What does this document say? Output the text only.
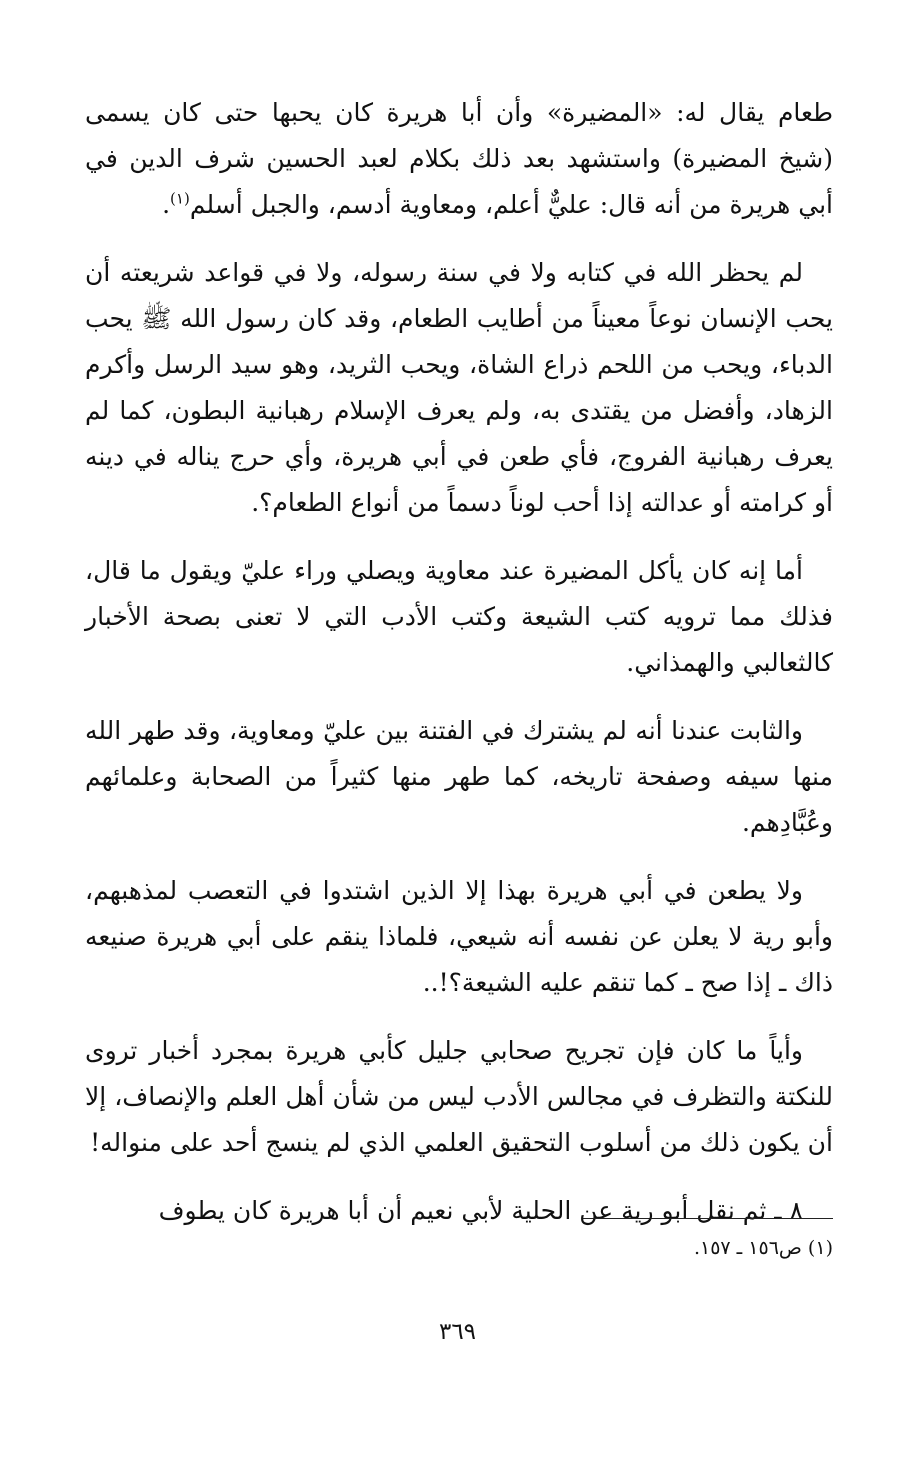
طعام يقال له: «المضيرة» وأن أبا هريرة كان يحبها حتى كان يسمى (شيخ المضيرة) واستشهد بعد ذلك بكلام لعبد الحسين شرف الدين في أبي هريرة من أنه قال: عليٌّ أعلم، ومعاوية أدسم، والجبل أسلم$^{(١)}$.

لم يحظر الله في كتابه ولا في سنة رسوله، ولا في قواعد شريعته أن يحب الإنسان نوعاً معيناً من أطايب الطعام، وقد كان رسول الله ﷺ يحب الدباء، ويحب من اللحم ذراع الشاة، ويحب الثريد، وهو سيد الرسل وأكرم الزهاد، وأفضل من يقتدى به، ولم يعرف الإسلام رهبانية البطون، كما لم يعرف رهبانية الفروج، فأي طعن في أبي هريرة، وأي حرج يناله في دينه أو كرامته أو عدالته إذا أحب لوناً دسماً من أنواع الطعام؟.

أما إنه كان يأكل المضيرة عند معاوية ويصلي وراء عليّ ويقول ما قال، فذلك مما ترويه كتب الشيعة وكتب الأدب التي لا تعنى بصحة الأخبار كالثعالبي والهمذاني.

والثابت عندنا أنه لم يشترك في الفتنة بين عليّ ومعاوية، وقد طهر الله منها سيفه وصفحة تاريخه، كما طهر منها كثيراً من الصحابة وعلمائهم وعُبَّادِهم.

ولا يطعن في أبي هريرة بهذا إلا الذين اشتدوا في التعصب لمذهبهم، وأبو رية لا يعلن عن نفسه أنه شيعي، فلماذا ينقم على أبي هريرة صنيعه ذاك ـ إذا صح ـ كما تنقم عليه الشيعة؟!..

وأياً ما كان فإن تجريح صحابي جليل كأبي هريرة بمجرد أخبار تروى للنكتة والتظرف في مجالس الأدب ليس من شأن أهل العلم والإنصاف، إلا أن يكون ذلك من أسلوب التحقيق العلمي الذي لم ينسج أحد على منواله!

٨ ـ ثم نقل أبو رية عن الحلية لأبي نعيم أن أبا هريرة كان يطوف

(١) ص١٥٦ ـ ١٥٧.
٣٦٩
